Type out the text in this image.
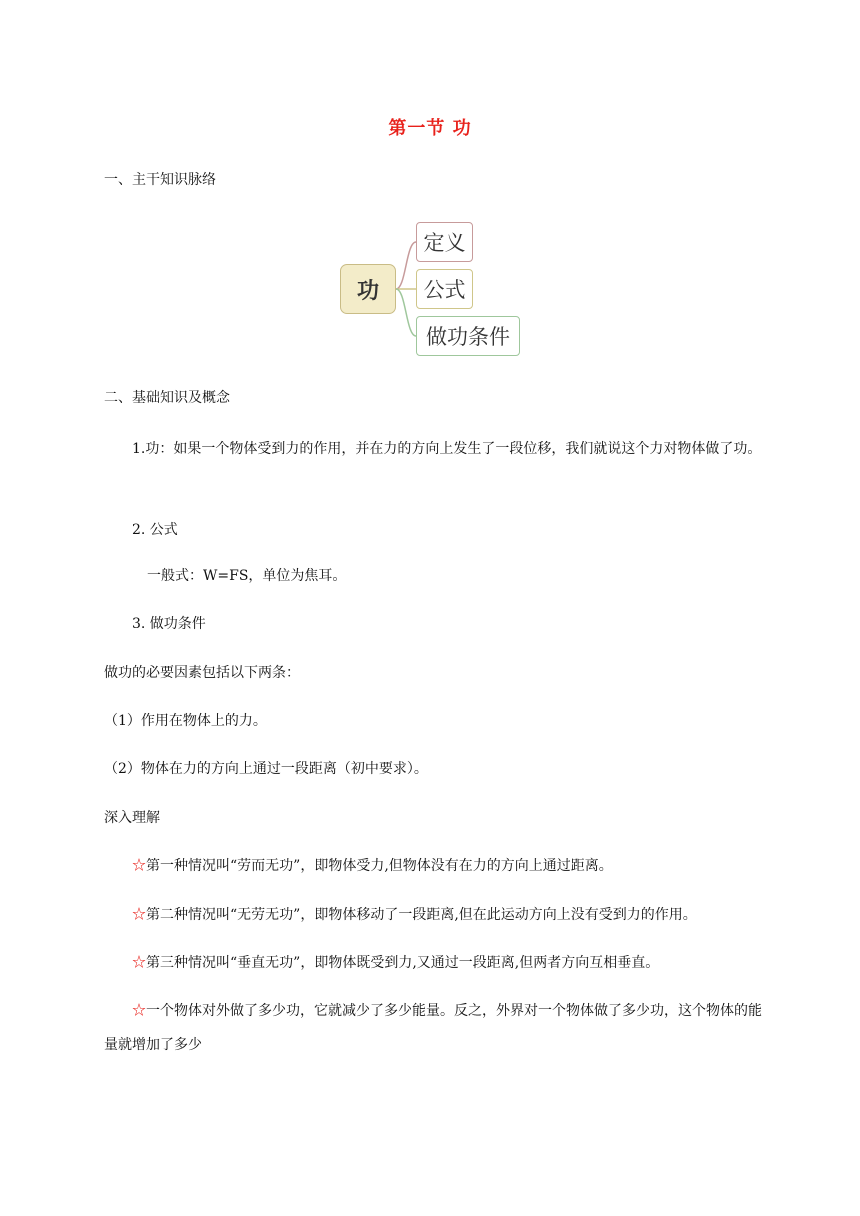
第一节 功
一、主干知识脉络
功
定义
公式
做功条件
二、基础知识及概念
1.功：如果一个物体受到力的作用，并在力的方向上发生了一段位移，我们就说这个力对物体做了功。
2. 公式
一般式：W=FS，单位为焦耳。
3. 做功条件
做功的必要因素包括以下两条：
（1）作用在物体上的力。
（2）物体在力的方向上通过一段距离（初中要求）。
深入理解
☆第一种情况叫“劳而无功”，即物体受力,但物体没有在力的方向上通过距离。
☆第二种情况叫“无劳无功”，即物体移动了一段距离,但在此运动方向上没有受到力的作用。
☆第三种情况叫“垂直无功”，即物体既受到力,又通过一段距离,但两者方向互相垂直。
☆一个物体对外做了多少功，它就减少了多少能量。反之，外界对一个物体做了多少功，这个物体的能量就增加了多少
